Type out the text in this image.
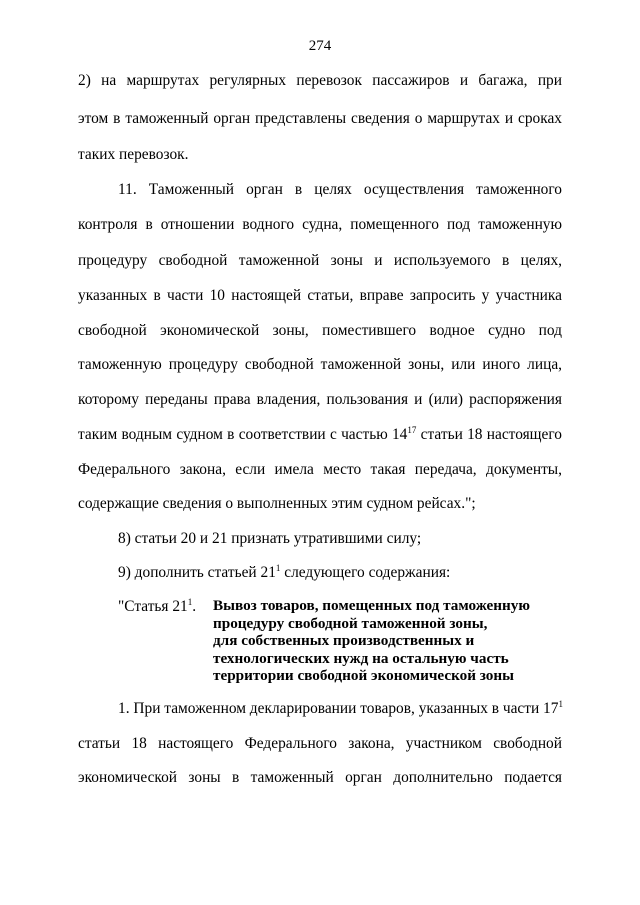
274
2) на маршрутах регулярных перевозок пассажиров и багажа, при
этом в таможенный орган представлены сведения о маршрутах и сроках
таких перевозок.
11. Таможенный орган в целях осуществления таможенного
контроля в отношении водного судна, помещенного под таможенную
процедуру свободной таможенной зоны и используемого в целях,
указанных в части 10 настоящей статьи, вправе запросить у участника
свободной экономической зоны, поместившего водное судно под
таможенную процедуру свободной таможенной зоны, или иного лица,
которому переданы права владения, пользования и (или) распоряжения
таким водным судном в соответствии с частью $14^{17}$ статьи 18 настоящего
Федерального закона, если имела место такая передача, документы,
содержащие сведения о выполненных этим судном рейсах.";
8) статьи 20 и 21 признать утратившими силу;
9) дополнить статьей $21^1$ следующего содержания:
"Статья $21^1$. Вывоз товаров, помещенных под таможенную
процедуру свободной таможенной зоны,
для собственных производственных и
технологических нужд на остальную часть
территории свободной экономической зоны
1. При таможенном декларировании товаров, указанных в части $17^1$
статьи 18 настоящего Федерального закона, участником свободной
экономической зоны в таможенный орган дополнительно подается
